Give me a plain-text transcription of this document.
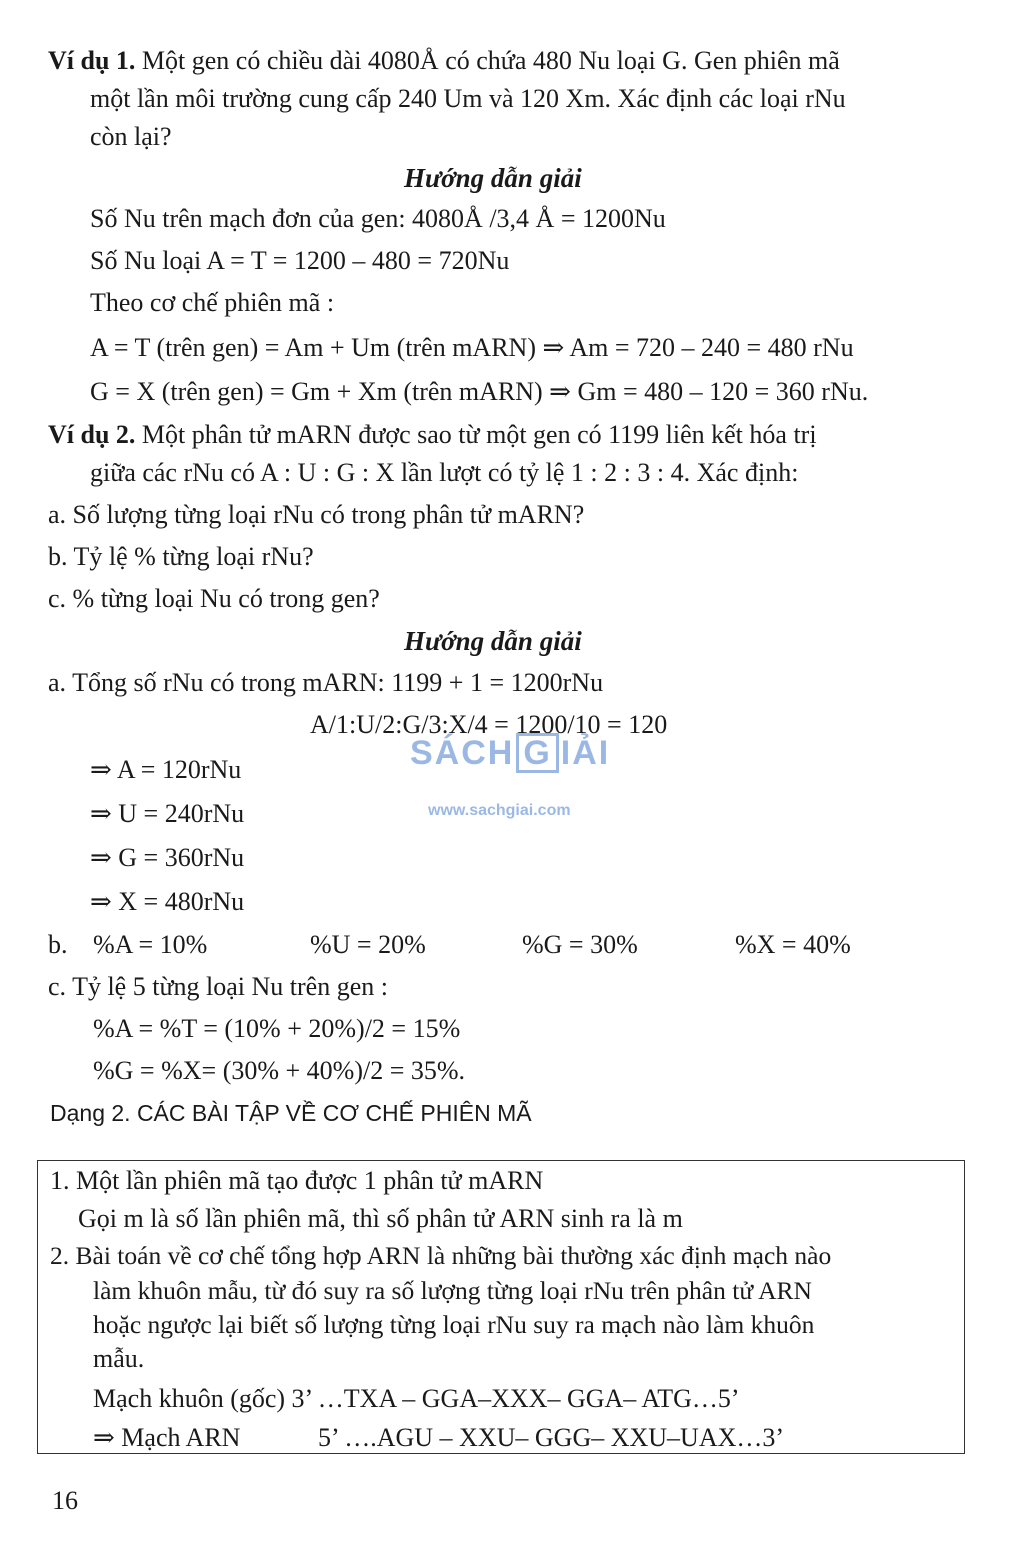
Ví dụ 1. Một gen có chiều dài 4080Å có chứa 480 Nu loại G. Gen phiên mã
một lần môi trường cung cấp 240 Um và 120 Xm. Xác định các loại rNu
còn lại?
Hướng dẫn giải
Số Nu trên mạch đơn của gen: 4080Å /3,4 Å = 1200Nu
Số Nu loại A = T = 1200 – 480 = 720Nu
Theo cơ chế phiên mã :
A = T (trên gen) = Am + Um (trên mARN) ⇒ Am = 720 – 240 = 480 rNu
G = X (trên gen) = Gm + Xm (trên mARN) ⇒ Gm = 480 – 120 = 360 rNu.
Ví dụ 2. Một phân tử mARN được sao từ một gen có 1199 liên kết hóa trị
giữa các rNu có A : U : G : X lần lượt có tỷ lệ 1 : 2 : 3 : 4. Xác định:
a. Số lượng từng loại rNu có trong phân tử mARN?
b. Tỷ lệ % từng loại rNu?
c. % từng loại Nu có trong gen?
Hướng dẫn giải
a. Tổng số rNu có trong mARN: 1199 + 1 = 1200rNu
A/1:U/2:G/3:X/4 = 1200/10 = 120
⇒ A = 120rNu
⇒ U = 240rNu
⇒ G = 360rNu
⇒ X = 480rNu
b. %A = 10%	%U = 20%	%G = 30%	%X = 40%
c. Tỷ lệ 5 từng loại Nu trên gen :
%A = %T = (10% + 20%)/2 = 15%
%G = %X= (30% + 40%)/2 = 35%.
Dạng 2. CÁC BÀI TẬP VỀ CƠ CHẾ PHIÊN MÃ
1. Một lần phiên mã tạo được 1 phân tử mARN
Gọi m là số lần phiên mã, thì số phân tử ARN sinh ra là m
2. Bài toán về cơ chế tổng hợp ARN là những bài thường xác định mạch nào
làm khuôn mẫu, từ đó suy ra số lượng từng loại rNu trên phân tử ARN
hoặc ngược lại biết số lượng từng loại rNu suy ra mạch nào làm khuôn
mẫu.
Mạch khuôn (gốc) 3’ …TXA – GGA–XXX– GGA– ATG…5’
⇒ Mạch ARN	5’ ….AGU – XXU– GGG– XXU–UAX…3’
SÁCH G IẢI
www.sachgiai.com
16
